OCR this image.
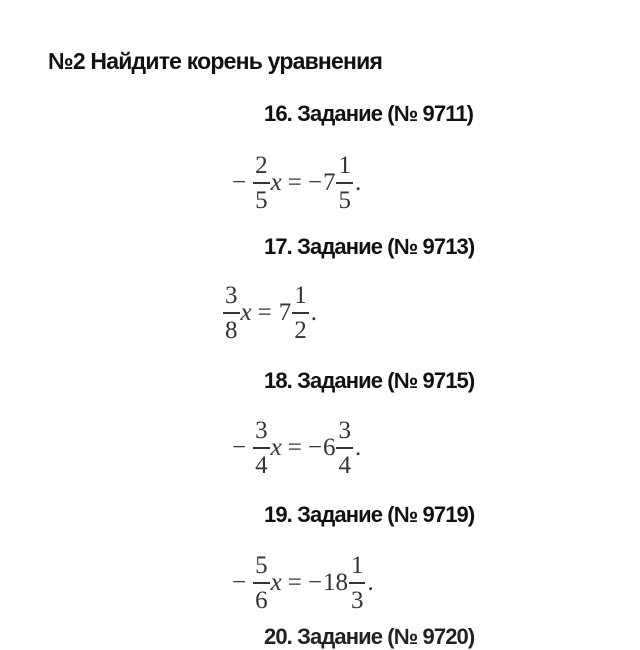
№2 Найдите корень уравнения
16. Задание (№ 9711)
− $\frac{2}{5}$ x = − $7 \frac{1}{5}$ .
17. Задание (№ 9713)
$\frac{3}{8}$ $x = 7 \frac{1}{2}$ .
18. Задание (№ 9715)
− $\frac{3}{4}$ x = − $6 \frac{3}{4}$ .
19. Задание (№ 9719)
− $\frac{5}{6}$ x = − $18 \frac{1}{3}$ .
20. Задание (№ 9720)
